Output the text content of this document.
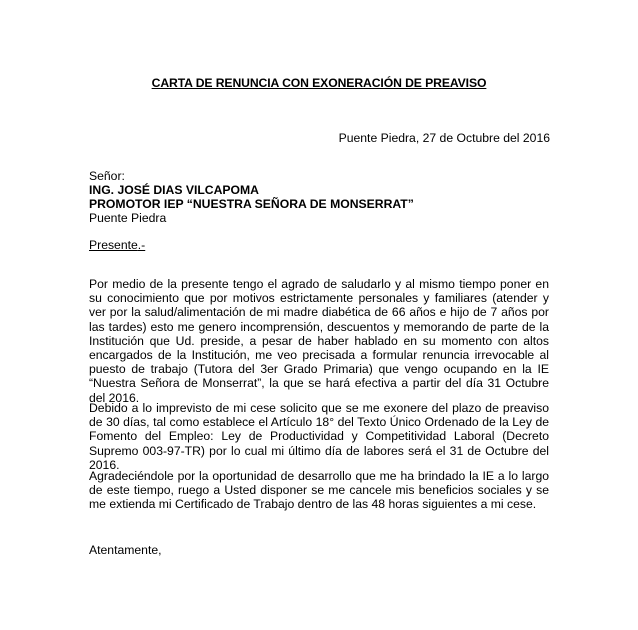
CARTA DE RENUNCIA CON EXONERACIÓN DE PREAVISO
Puente Piedra, 27 de Octubre del 2016
Señor:
ING. JOSÉ DIAS VILCAPOMA
PROMOTOR IEP “NUESTRA SEÑORA DE MONSERRAT”
Puente Piedra
Presente.-

Por medio de la presente tengo el agrado de saludarlo y al mismo tiempo poner en su conocimiento que por motivos estrictamente personales y familiares (atender y ver por la salud/alimentación de mi madre diabética de 66 años e hijo de 7 años por las tardes) esto me genero incomprensión, descuentos y memorando de parte de la Institución que Ud. preside, a pesar de haber hablado en su momento con altos encargados de la Institución, me veo precisada a formular renuncia irrevocable al puesto de trabajo (Tutora del 3er Grado Primaria) que vengo ocupando en la IE “Nuestra Señora de Monserrat”, la que se hará efectiva a partir del día 31 Octubre del 2016.

Debido a lo imprevisto de mi cese solicito que se me exonere del plazo de preaviso de 30 días, tal como establece el Artículo 18° del Texto Único Ordenado de la Ley de Fomento del Empleo: Ley de Productividad y Competitividad Laboral (Decreto Supremo 003-97-TR) por lo cual mi último día de labores será el 31 de Octubre del 2016.

Agradeciéndole por la oportunidad de desarrollo que me ha brindado la IE a lo largo de este tiempo, ruego a Usted disponer se me cancele mis beneficios sociales y se me extienda mi Certificado de Trabajo dentro de las 48 horas siguientes a mi cese.

Atentamente,
